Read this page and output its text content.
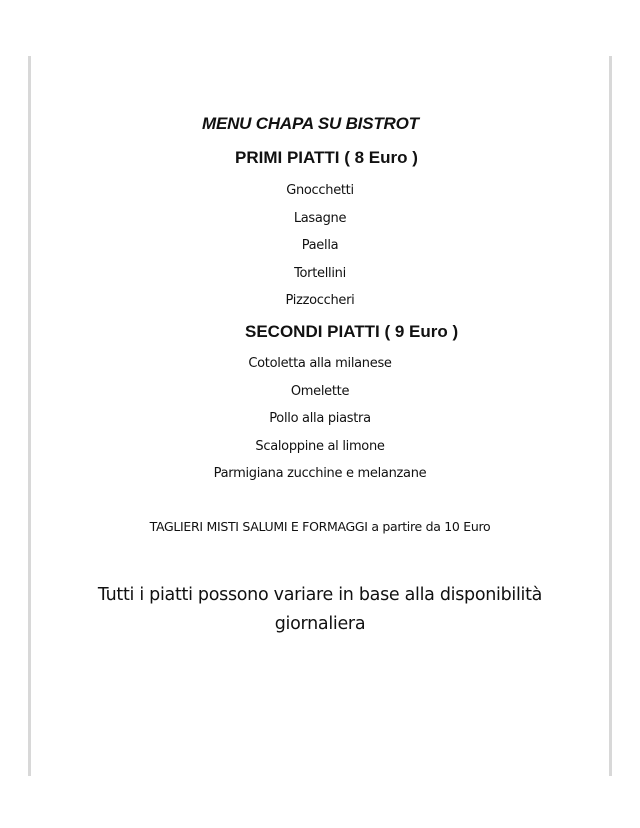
MENU CHAPA SU BISTROT
PRIMI PIATTI ( 8 Euro )
Gnocchetti
Lasagne
Paella
Tortellini
Pizzoccheri
SECONDI PIATTI ( 9 Euro )
Cotoletta alla milanese
Omelette
Pollo alla piastra
Scaloppine al limone
Parmigiana zucchine e melanzane
TAGLIERI MISTI SALUMI E FORMAGGI a partire da 10 Euro
Tutti i piatti possono variare in base alla disponibilità
giornaliera
